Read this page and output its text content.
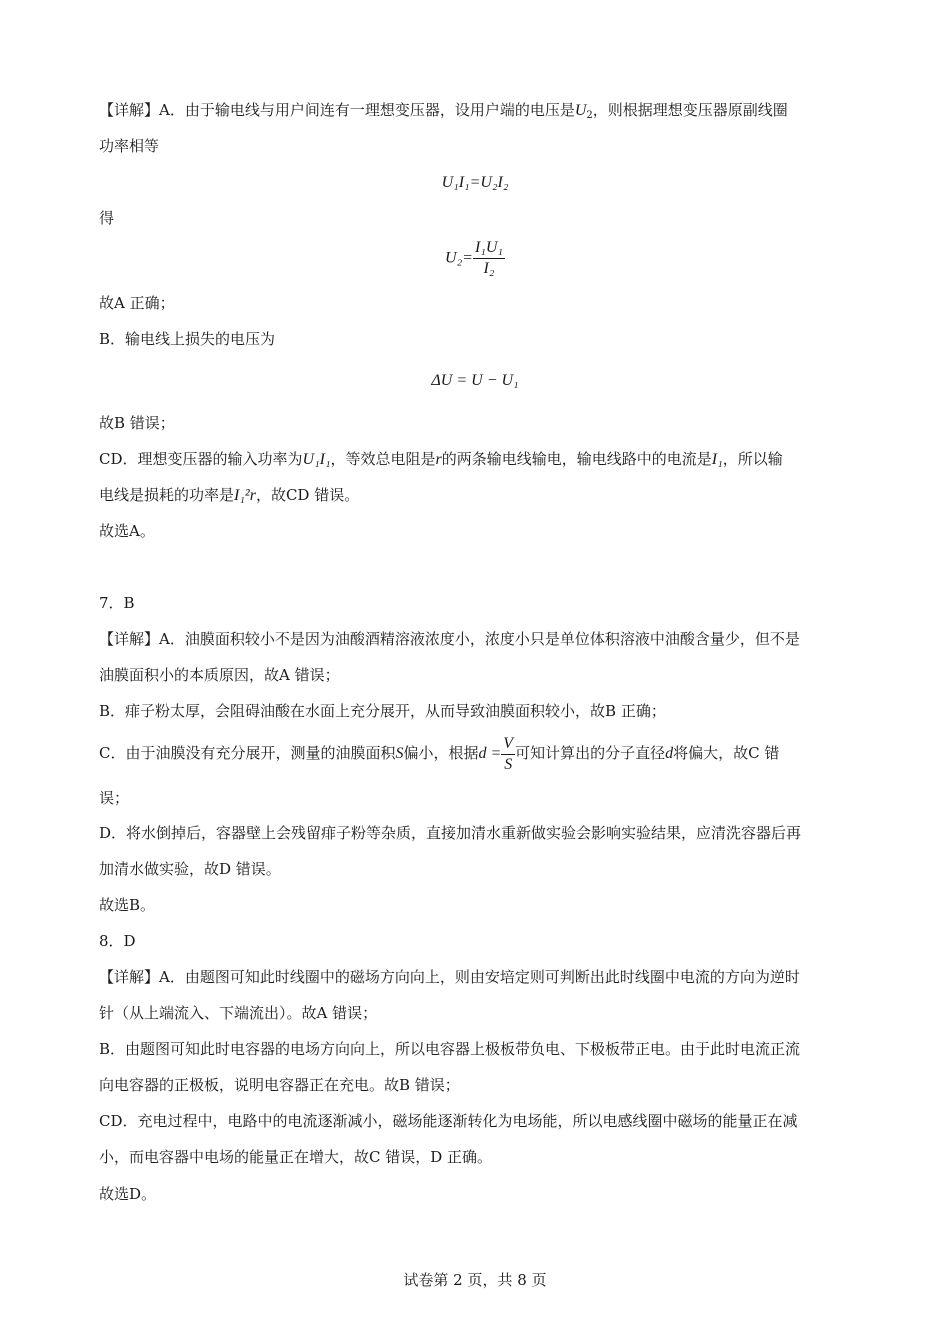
【详解】A．由于输电线与用户间连有一理想变压器，设用户端的电压是$U_2$，则根据理想变压器原副线圈
功率相等
U₁I₁=U₂I₂
得
$U_2= \frac{\text{I₁U₁}}{\text{I₂}}$
故A 正确；
B．输电线上损失的电压为
ΔU = U − U₁
故B 错误；
CD．理想变压器的输入功率为U₁I₁，等效总电阻是r的两条输电线输电，输电线路中的电流是I₁，所以输
电线是损耗的功率是I₁²r，故CD 错误。
故选A。
7．B
【详解】A．油膜面积较小不是因为油酸酒精溶液浓度小，浓度小只是单位体积溶液中油酸含量少，但不是
油膜面积小的本质原因，故A 错误；
B．痱子粉太厚，会阻碍油酸在水面上充分展开，从而导致油膜面积较小，故B 正确；
C．由于油膜没有充分展开，测量的油膜面积S偏小，根据$d = \frac{V}{S}$ 可知计算出的分子直径d将偏大，故C 错
误；
D．将水倒掉后，容器壁上会残留痱子粉等杂质，直接加清水重新做实验会影响实验结果，应清洗容器后再
加清水做实验，故D 错误。
故选B。
8．D
【详解】A．由题图可知此时线圈中的磁场方向向上，则由安培定则可判断出此时线圈中电流的方向为逆时
针（从上端流入、下端流出）。故A 错误；
B．由题图可知此时电容器的电场方向向上，所以电容器上极板带负电、下极板带正电。由于此时电流正流
向电容器的正极板，说明电容器正在充电。故B 错误；
CD．充电过程中，电路中的电流逐渐减小，磁场能逐渐转化为电场能，所以电感线圈中磁场的能量正在减
小，而电容器中电场的能量正在增大，故C 错误，D 正确。
故选D。
试卷第 2 页，共 8 页
